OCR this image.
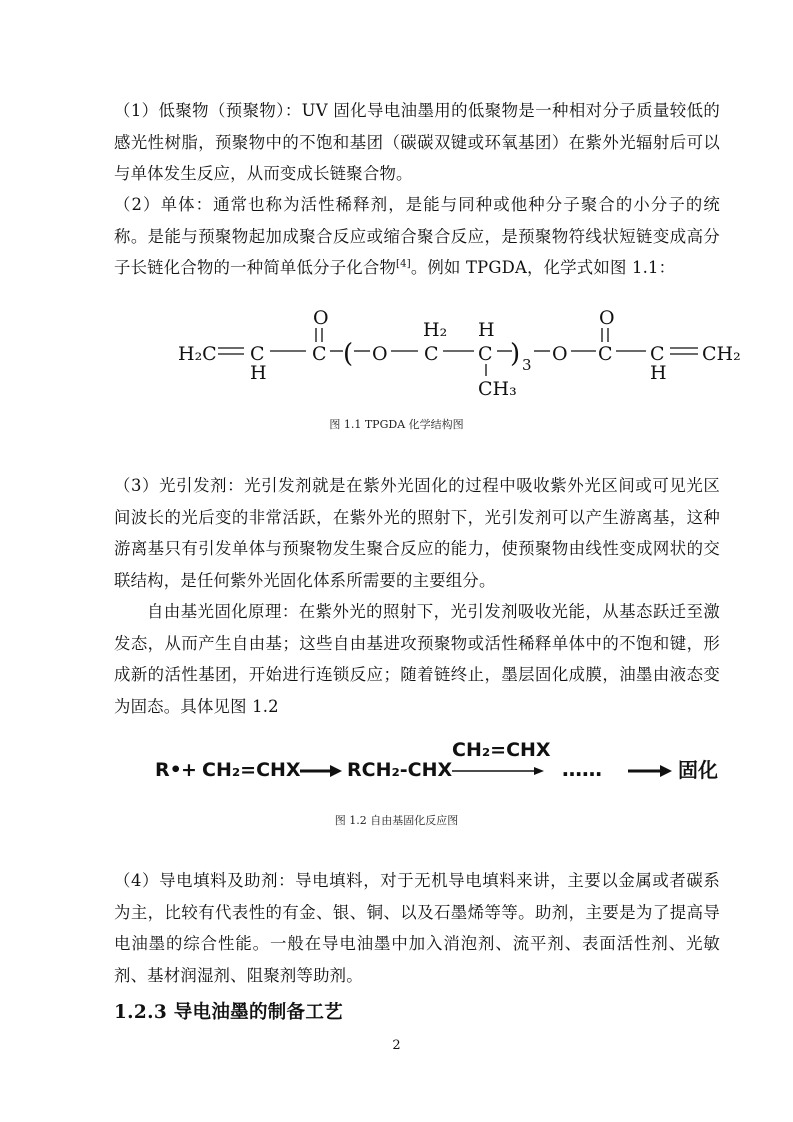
（1）低聚物（预聚物）：UV 固化导电油墨用的低聚物是一种相对分子质量较低的感光性树脂，预聚物中的不饱和基团（碳碳双键或环氧基团）在紫外光辐射后可以与单体发生反应，从而变成长链聚合物。

（2）单体：通常也称为活性稀释剂，是能与同种或他种分子聚合的小分子的统称。是能与预聚物起加成聚合反应或缩合聚合反应，是预聚物符线状短链变成高分子长链化合物的一种简单低分子化合物[4]。例如 TPGDA，化学式如图 1.1：

H₂C C
H
C
O
( O C
H₂
C
H
CH₃
) 3 O C
O
C
H
CH₂

图 1.1 TPGDA 化学结构图

（3）光引发剂：光引发剂就是在紫外光固化的过程中吸收紫外光区间或可见光区间波长的光后变的非常活跃，在紫外光的照射下，光引发剂可以产生游离基，这种游离基只有引发单体与预聚物发生聚合反应的能力，使预聚物由线性变成网状的交联结构，是任何紫外光固化体系所需要的主要组分。

自由基光固化原理：在紫外光的照射下，光引发剂吸收光能，从基态跃迁至激发态，从而产生自由基；这些自由基进攻预聚物或活性稀释单体中的不饱和键，形成新的活性基团，开始进行连锁反应；随着链终止，墨层固化成膜，油墨由液态变为固态。具体见图 1.2

R• + CH₂=CHX RCH₂-CHX
CH₂=CHX
……	固化

图 1.2 自由基固化反应图

（4）导电填料及助剂：导电填料，对于无机导电填料来讲，主要以金属或者碳系为主，比较有代表性的有金、银、铜、以及石墨烯等等。助剂，主要是为了提高导电油墨的综合性能。一般在导电油墨中加入消泡剂、流平剂、表面活性剂、光敏剂、基材润湿剂、阻聚剂等助剂。

1.2.3 导电油墨的制备工艺

2
